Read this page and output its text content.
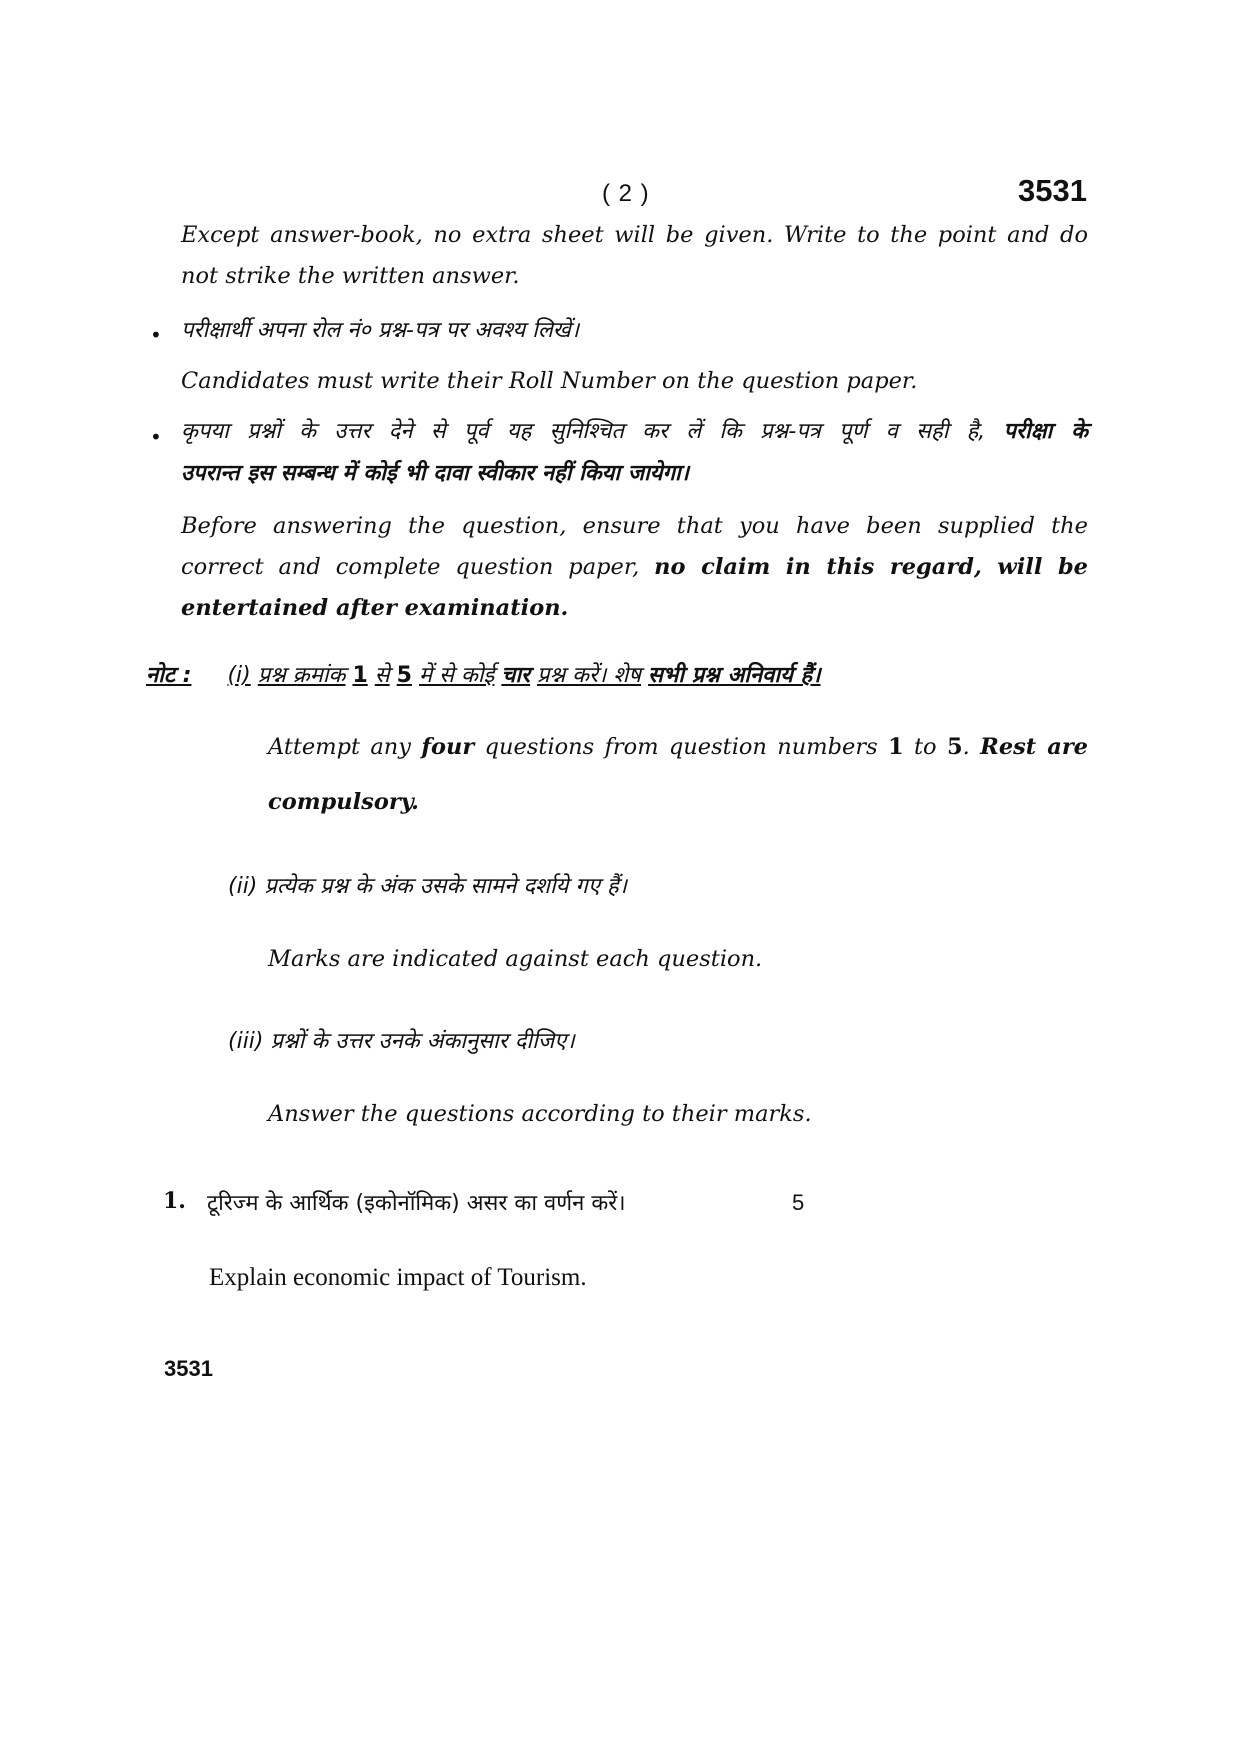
( 2 )	3531
Except answer-book, no extra sheet will be given. Write to the point and do
not strike the written answer.
• परीक्षार्थी अपना रोल नं० प्रश्न-पत्र पर अवश्य लिखें।
Candidates must write their Roll Number on the question paper.
• कृपया प्रश्नों के उत्तर देने से पूर्व यह सुनिश्चित कर लें कि प्रश्न-पत्र पूर्ण व सही है, परीक्षा के
उपरान्त इस सम्बन्ध में कोई भी दावा स्वीकार नहीं किया जायेगा।
Before answering the question, ensure that you have been supplied the
correct and complete question paper, no claim in this regard, will be
entertained after examination.
नोट : (i) प्रश्न क्रमांक 1 से 5 में से कोई चार प्रश्न करें। शेष सभी प्रश्न अनिवार्य हैं।
Attempt any four questions from question numbers 1 to 5. Rest are
compulsory.
(ii) प्रत्येक प्रश्न के अंक उसके सामने दर्शाये गए हैं।
Marks are indicated against each question.
(iii) प्रश्नों के उत्तर उनके अंकानुसार दीजिए।
Answer the questions according to their marks.
1. टूरिज्म के आर्थिक (इकोनॉमिक) असर का वर्णन करें।	5
Explain economic impact of Tourism.
3531
